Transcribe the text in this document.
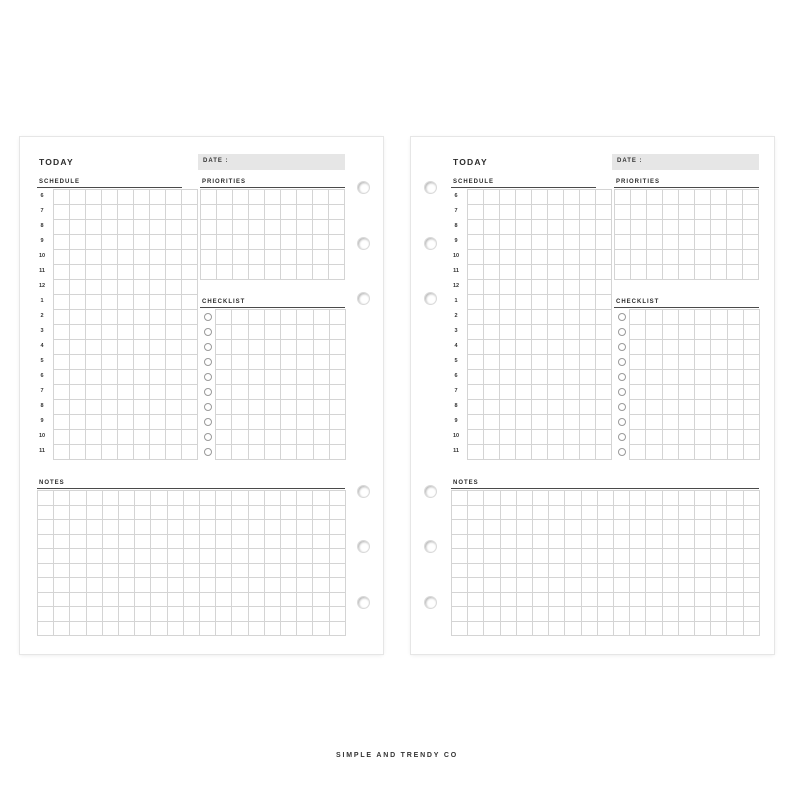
TODAY	DATE :
SCHEDULE	PRIORITIES
CHECKLIST
NOTES
6
7
8
9
10
11
12
1
2
3
4
5
6
7
8
9
10
11
TODAY	DATE :
SCHEDULE	PRIORITIES
CHECKLIST
NOTES
6
7
8
9
10
11
12
1
2
3
4
5
6
7
8
9
10
11
SIMPLE AND TRENDY CO
